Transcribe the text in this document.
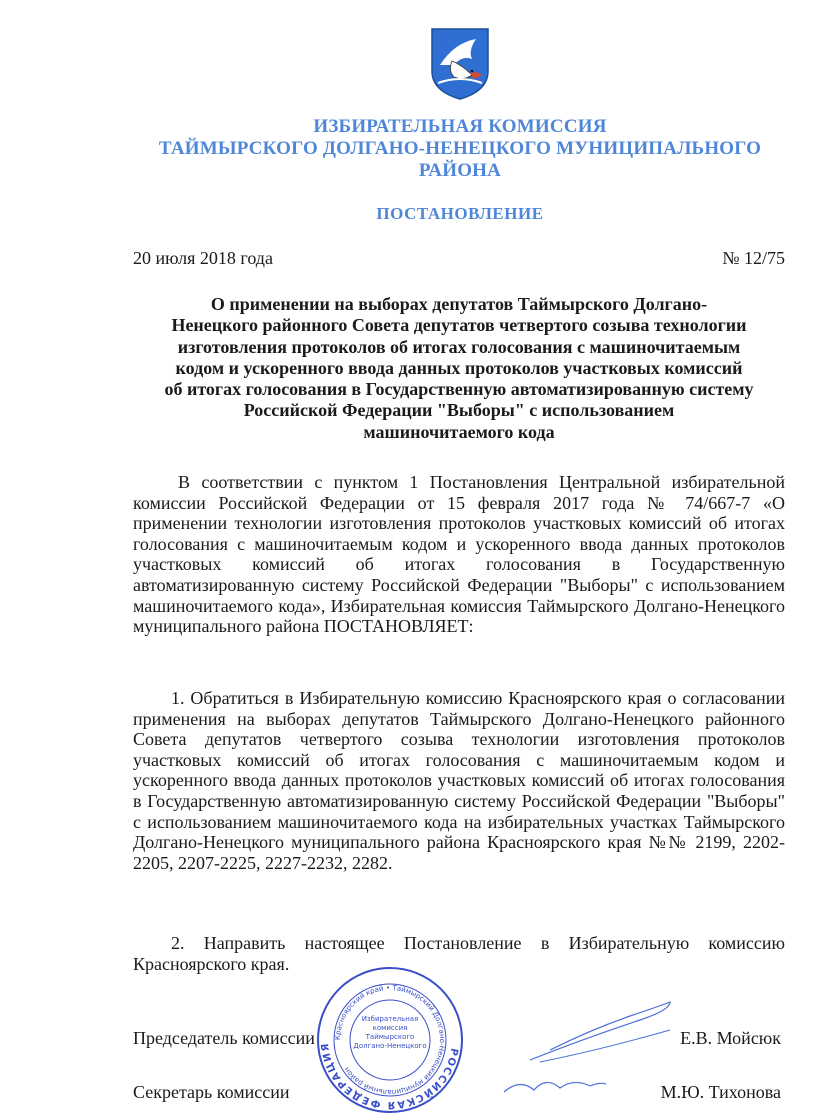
ИЗБИРАТЕЛЬНАЯ КОМИССИЯ
ТАЙМЫРСКОГО ДОЛГАНО-НЕНЕЦКОГО МУНИЦИПАЛЬНОГО
РАЙОНА
ПОСТАНОВЛЕНИЕ
20 июля 2018 года	№ 12/75
О применении на выборах депутатов Таймырского Долгано-
Ненецкого районного Совета депутатов четвертого созыва технологии
изготовления протоколов об итогах голосования с машиночитаемым
кодом и ускоренного ввода данных протоколов участковых комиссий
об итогах голосования в Государственную автоматизированную систему
Российской Федерации "Выборы" с использованием
машиночитаемого кода
В соответствии с пунктом 1 Постановления Центральной избирательной комиссии Российской Федерации от 15 февраля 2017 года № 74/667-7 «О применении технологии изготовления протоколов участковых комиссий об итогах голосования с машиночитаемым кодом и ускоренного ввода данных протоколов участковых комиссий об итогах голосования в Государственную автоматизированную систему Российской Федерации "Выборы" с использованием машиночитаемого кода», Избирательная комиссия Таймырского Долгано-Ненецкого муниципального района ПОСТАНОВЛЯЕТ:
1. Обратиться в Избирательную комиссию Красноярского края о согласовании применения на выборах депутатов Таймырского Долгано-Ненецкого районного Совета депутатов четвертого созыва технологии изготовления протоколов участковых комиссий об итогах голосования с машиночитаемым кодом и ускоренного ввода данных протоколов участковых комиссий об итогах голосования в Государственную автоматизированную систему Российской Федерации "Выборы" с использованием машиночитаемого кода на избирательных участках Таймырского Долгано-Ненецкого муниципального района Красноярского края №№ 2199, 2202-2205, 2207-2225, 2227-2232, 2282.
2. Направить настоящее Постановление в Избирательную комиссию Красноярского края.
РОССИЙСКАЯ ФЕДЕРАЦИЯ
Красноярский край • Таймырский Долгано-Ненецкий муниципальный район
Избирательная комиссия Таймырского Долгано-Ненецкого
Председатель комиссии	Е.В. Мойсюк
Секретарь комиссии	М.Ю. Тихонова
